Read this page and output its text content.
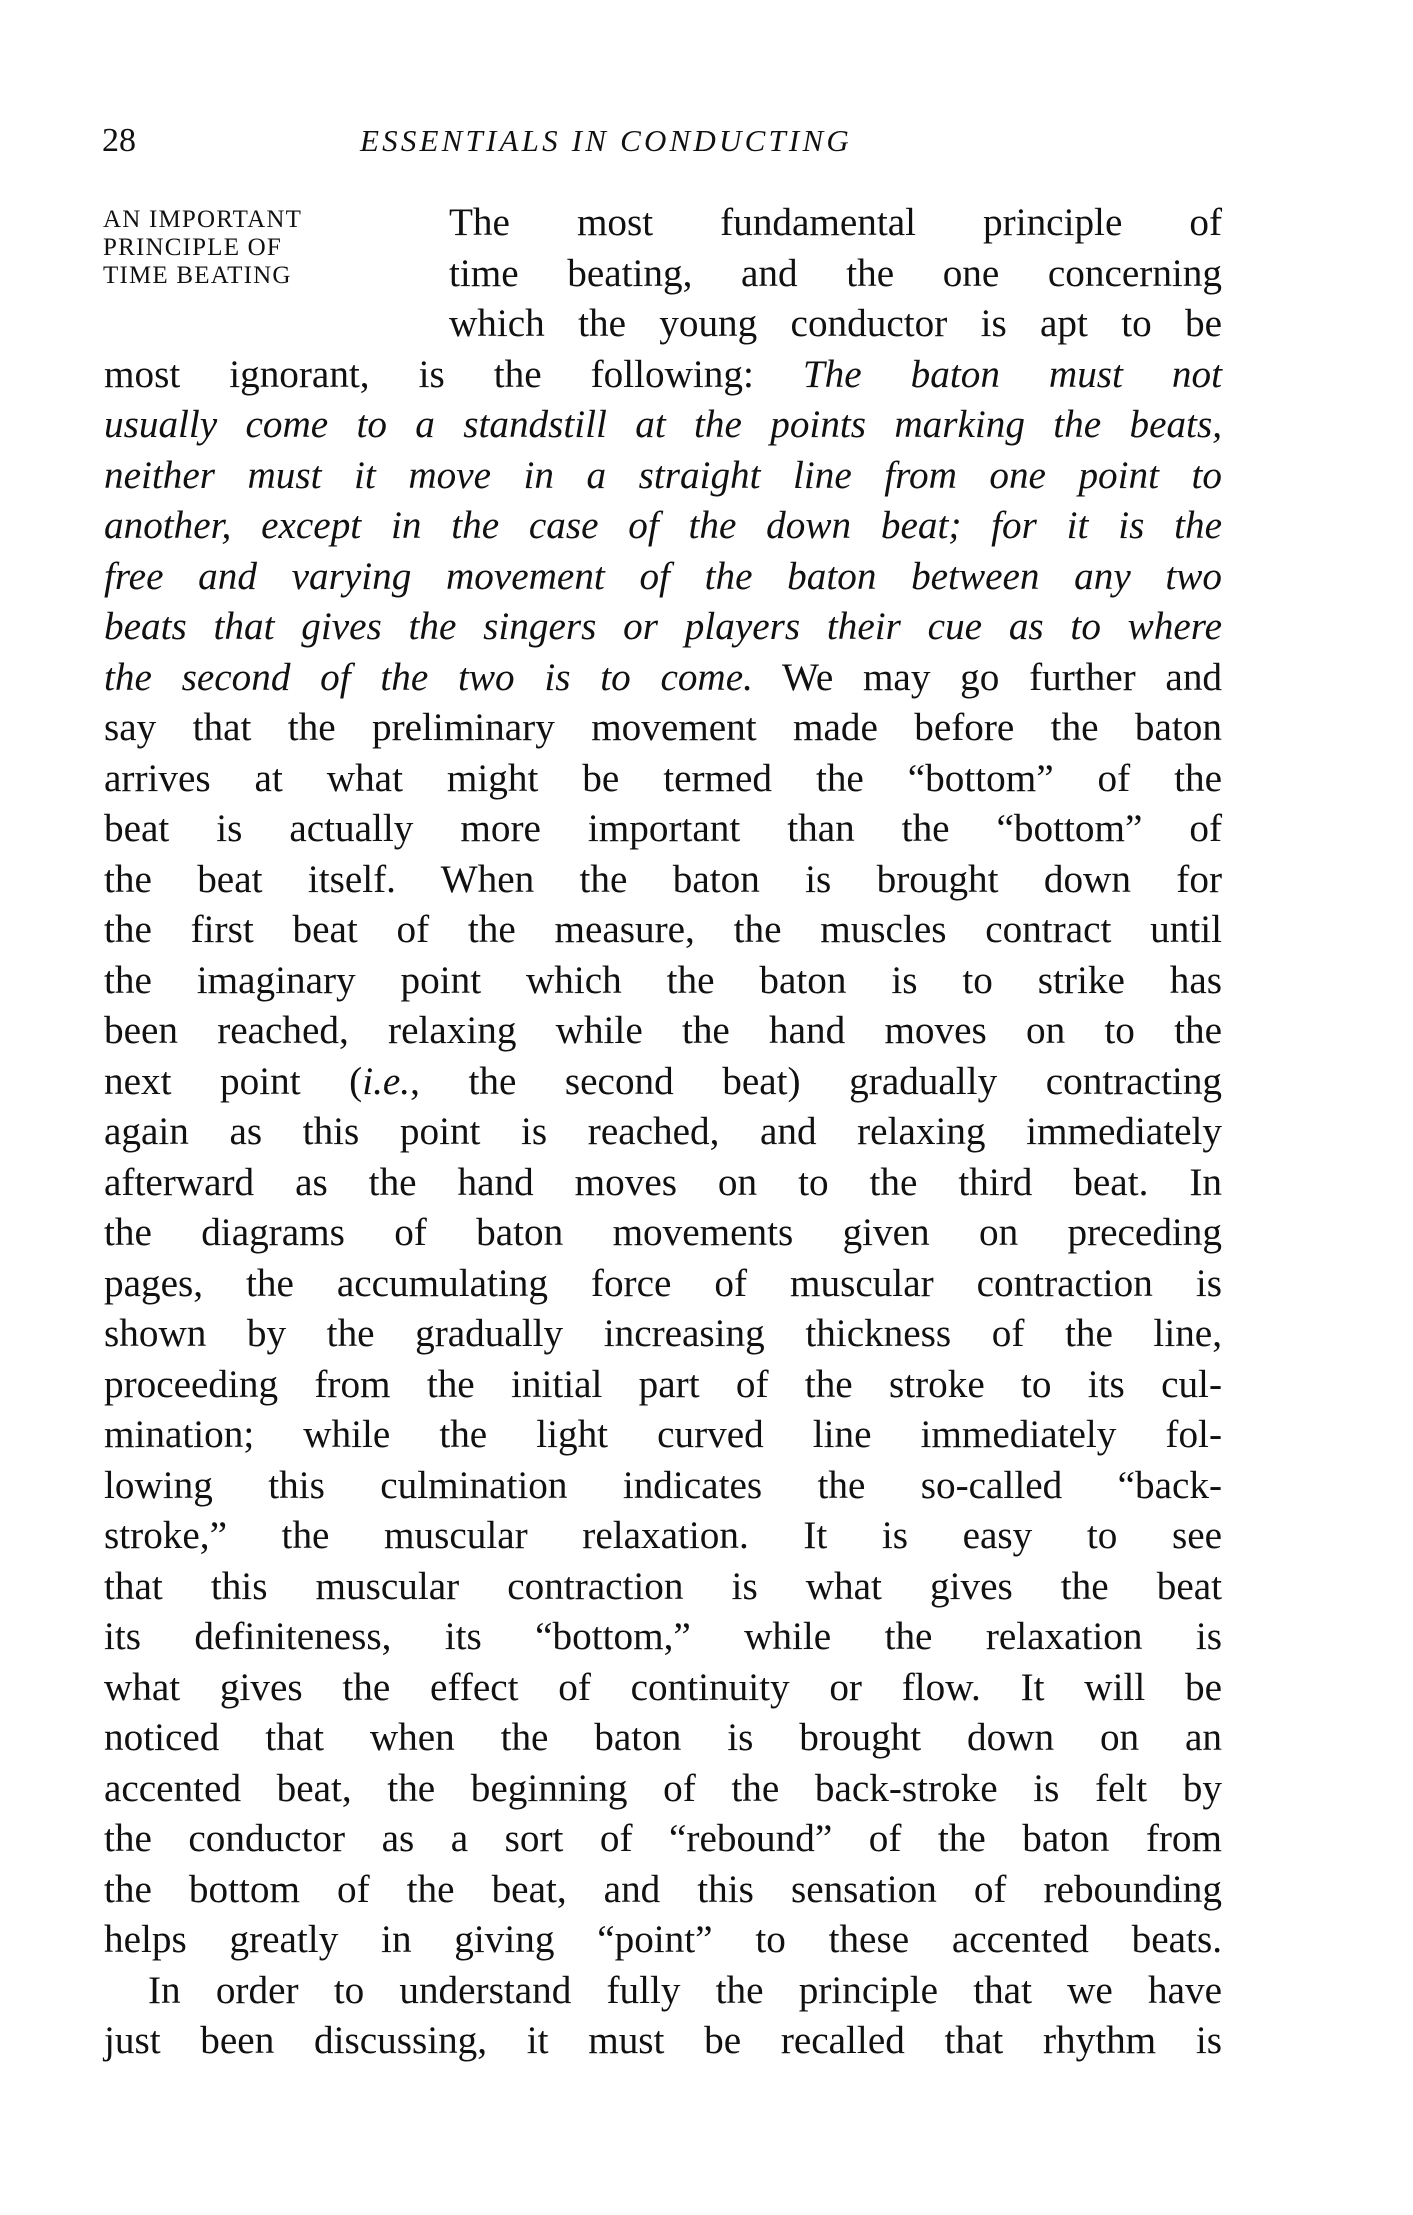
28	ESSENTIALS IN CONDUCTING
AN IMPORTANT
PRINCIPLE OF
TIME BEATING
The most fundamental principle of
time beating, and the one concerning
which the young conductor is apt to be
most ignorant, is the following: The baton must not
usually come to a standstill at the points marking the beats,
neither must it move in a straight line from one point to
another, except in the case of the down beat; for it is the
free and varying movement of the baton between any two
beats that gives the singers or players their cue as to where
the second of the two is to come. We may go further and
say that the preliminary movement made before the baton
arrives at what might be termed the “bottom” of the
beat is actually more important than the “bottom” of
the beat itself. When the baton is brought down for
the first beat of the measure, the muscles contract until
the imaginary point which the baton is to strike has
been reached, relaxing while the hand moves on to the
next point (i.e., the second beat) gradually contracting
again as this point is reached, and relaxing immediately
afterward as the hand moves on to the third beat. In
the diagrams of baton movements given on preceding
pages, the accumulating force of muscular contraction is
shown by the gradually increasing thickness of the line,
proceeding from the initial part of the stroke to its cul-
mination; while the light curved line immediately fol-
lowing this culmination indicates the so-called “back-
stroke,” the muscular relaxation. It is easy to see
that this muscular contraction is what gives the beat
its definiteness, its “bottom,” while the relaxation is
what gives the effect of continuity or flow. It will be
noticed that when the baton is brought down on an
accented beat, the beginning of the back-stroke is felt by
the conductor as a sort of “rebound” of the baton from
the bottom of the beat, and this sensation of rebounding
helps greatly in giving “point” to these accented beats.
In order to understand fully the principle that we have
just been discussing, it must be recalled that rhythm is
